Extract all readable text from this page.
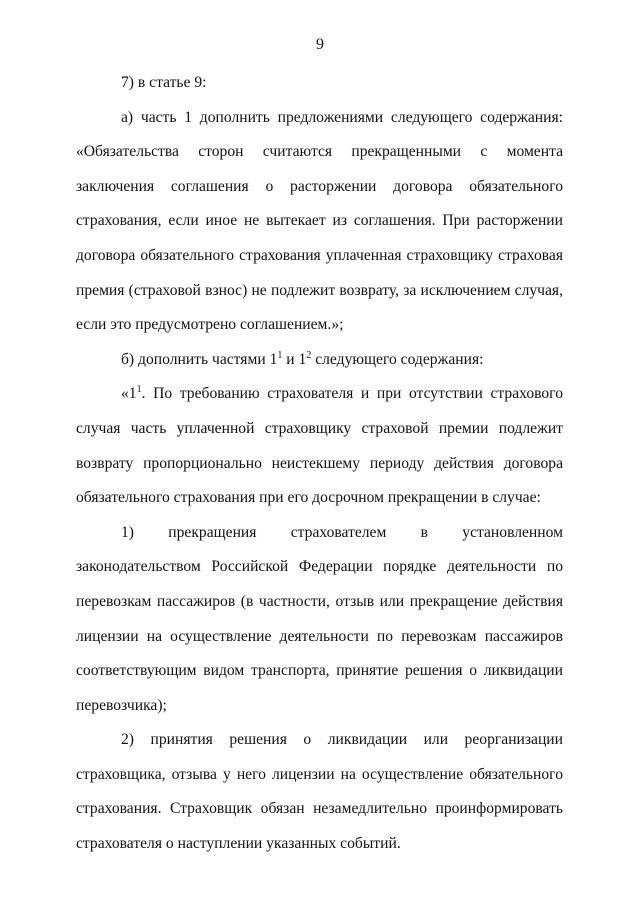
9

7) в статье 9:

а) часть 1 дополнить предложениями следующего содержания: «Обязательства сторон считаются прекращенными с момента заключения соглашения о расторжении договора обязательного страхования, если иное не вытекает из соглашения. При расторжении договора обязательного страхования уплаченная страховщику страховая премия (страховой взнос) не подлежит возврату, за исключением случая, если это предусмотрено соглашением.»;

б) дополнить частями $1^1$ и $1^2$ следующего содержания:

«$1^1$. По требованию страхователя и при отсутствии страхового случая часть уплаченной страховщику страховой премии подлежит возврату пропорционально неистекшему периоду действия договора обязательного страхования при его досрочном прекращении в случае:

1) прекращения страхователем в установленном законодательством Российской Федерации порядке деятельности по перевозкам пассажиров (в частности, отзыв или прекращение действия лицензии на осуществление деятельности по перевозкам пассажиров соответствующим видом транспорта, принятие решения о ликвидации перевозчика);

2) принятия решения о ликвидации или реорганизации страховщика, отзыва у него лицензии на осуществление обязательного страхования. Страховщик обязан незамедлительно проинформировать страхователя о наступлении указанных событий.
